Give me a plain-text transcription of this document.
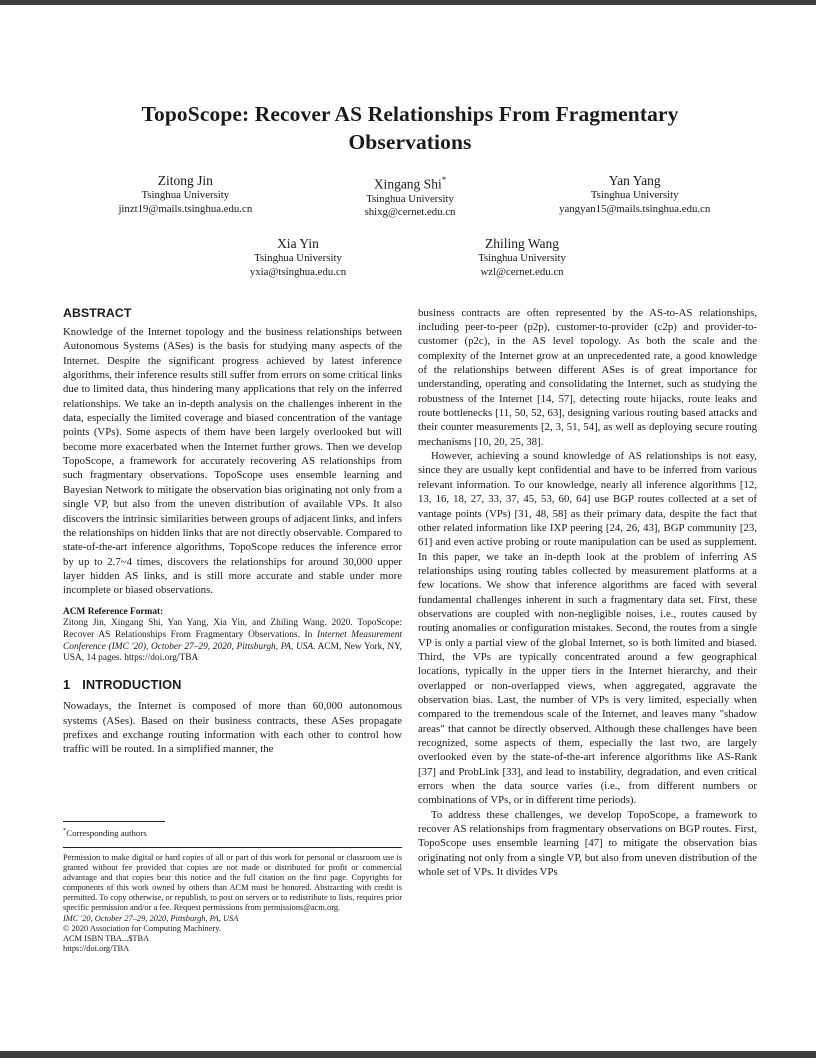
TopoScope: Recover AS Relationships From Fragmentary Observations
Zitong Jin
Tsinghua University
jinzt19@mails.tsinghua.edu.cn
Xingang Shi*
Tsinghua University
shixg@cernet.edu.cn
Yan Yang
Tsinghua University
yangyan15@mails.tsinghua.edu.cn
Xia Yin
Tsinghua University
yxia@tsinghua.edu.cn
Zhiling Wang
Tsinghua University
wzl@cernet.edu.cn
ABSTRACT

Knowledge of the Internet topology and the business relationships between Autonomous Systems (ASes) is the basis for studying many aspects of the Internet. Despite the significant progress achieved by latest inference algorithms, their inference results still suffer from errors on some critical links due to limited data, thus hindering many applications that rely on the inferred relationships. We take an in-depth analysis on the challenges inherent in the data, especially the limited coverage and biased concentration of the vantage points (VPs). Some aspects of them have been largely overlooked but will become more exacerbated when the Internet further grows. Then we develop TopoScope, a framework for accurately recovering AS relationships from such fragmentary observations. TopoScope uses ensemble learning and Bayesian Network to mitigate the observation bias originating not only from a single VP, but also from the uneven distribution of available VPs. It also discovers the intrinsic similarities between groups of adjacent links, and infers the relationships on hidden links that are not directly observable. Compared to state-of-the-art inference algorithms, TopoScope reduces the inference error by up to 2.7~4 times, discovers the relationships for around 30,000 upper layer hidden AS links, and is still more accurate and stable under more incomplete or biased observations.

ACM Reference Format:
Zitong Jin, Xingang Shi, Yan Yang, Xia Yin, and Zhiling Wang. 2020. TopoScope: Recover AS Relationships From Fragmentary Observations. In Internet Measurement Conference (IMC '20), October 27–29, 2020, Pittsburgh, PA, USA. ACM, New York, NY, USA, 14 pages. https://doi.org/TBA
1 INTRODUCTION

Nowadays, the Internet is composed of more than 60,000 autonomous systems (ASes). Based on their business contracts, these ASes propagate prefixes and exchange routing information with each other to control how traffic will be routed. In a simplified manner, the

*Corresponding authors
Permission to make digital or hard copies of all or part of this work for personal or classroom use is granted without fee provided that copies are not made or distributed for profit or commercial advantage and that copies bear this notice and the full citation on the first page. Copyrights for components of this work owned by others than ACM must be honored. Abstracting with credit is permitted. To copy otherwise, or republish, to post on servers or to redistribute to lists, requires prior specific permission and/or a fee. Request permissions from permissions@acm.org.
IMC '20, October 27–29, 2020, Pittsburgh, PA, USA
© 2020 Association for Computing Machinery.
ACM ISBN TBA...$TBA
https://doi.org/TBA

business contracts are often represented by the AS-to-AS relationships, including peer-to-peer (p2p), customer-to-provider (c2p) and provider-to-customer (p2c), in the AS level topology. As both the scale and the complexity of the Internet grow at an unprecedented rate, a good knowledge of the relationships between different ASes is of great importance for understanding, operating and consolidating the Internet, such as studying the robustness of the Internet [14, 57], detecting route hijacks, route leaks and route bottlenecks [11, 50, 52, 63], designing various routing based attacks and their counter measurements [2, 3, 51, 54], as well as deploying secure routing mechanisms [10, 20, 25, 38].

However, achieving a sound knowledge of AS relationships is not easy, since they are usually kept confidential and have to be inferred from various relevant information. To our knowledge, nearly all inference algorithms [12, 13, 16, 18, 27, 33, 37, 45, 53, 60, 64] use BGP routes collected at a set of vantage points (VPs) [31, 48, 58] as their primary data, despite the fact that other related information like IXP peering [24, 26, 43], BGP community [23, 61] and even active probing or route manipulation can be used as supplement. In this paper, we take an in-depth look at the problem of inferring AS relationships using routing tables collected by measurement platforms at a few locations. We show that inference algorithms are faced with several fundamental challenges inherent in such a fragmentary data set. First, these observations are coupled with non-negligible noises, i.e., routes caused by routing anomalies or configuration mistakes. Second, the routes from a single VP is only a partial view of the global Internet, so is both limited and biased. Third, the VPs are typically concentrated around a few geographical locations, typically in the upper tiers in the Internet hierarchy, and their overlapped or non-overlapped views, when aggregated, aggravate the observation bias. Last, the number of VPs is very limited, especially when compared to the tremendous scale of the Internet, and leaves many "shadow areas" that cannot be directly observed. Although these challenges have been recognized, some aspects of them, especially the last two, are largely overlooked even by the state-of-the-art inference algorithms like AS-Rank [37] and ProbLink [33], and lead to instability, degradation, and even critical errors when the data source varies (i.e., from different numbers or combinations of VPs, or in different time periods).

To address these challenges, we develop TopoScope, a framework to recover AS relationships from fragmentary observations on BGP routes. First, TopoScope uses ensemble learning [47] to mitigate the observation bias originating not only from a single VP, but also from uneven distribution of the whole set of VPs. It divides VPs
